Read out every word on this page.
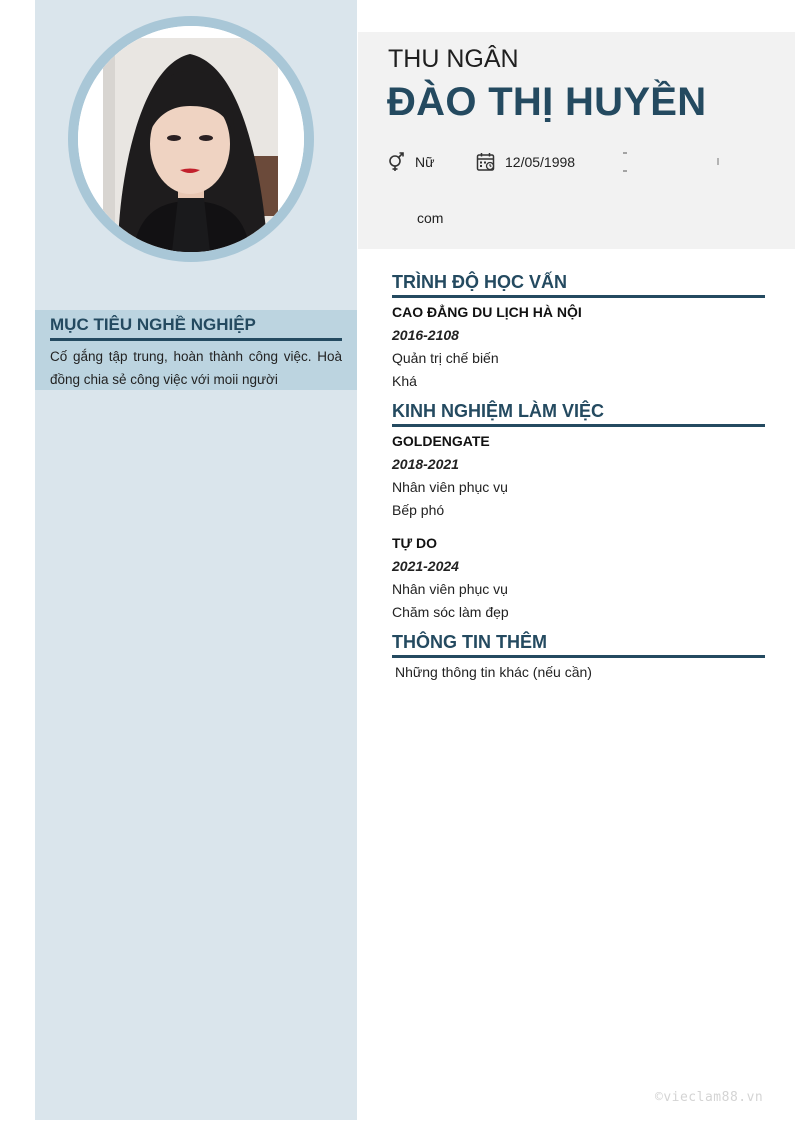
MỤC TIÊU NGHỀ NGHIỆP
Cố gắng tập trung, hoàn thành công việc. Hoà đồng chia sẻ công việc với moii người
THU NGÂN
ĐÀO THỊ HUYỀN
Nữ	12/05/1998
com
TRÌNH ĐỘ HỌC VẤN
CAO ĐẲNG DU LỊCH HÀ NỘI
2016-2108
Quản trị chế biến
Khá
KINH NGHIỆM LÀM VIỆC
GOLDENGATE
2018-2021
Nhân viên phục vụ
Bếp phó
TỰ DO
2021-2024
Nhân viên phục vụ
Chăm sóc làm đẹp
THÔNG TIN THÊM
Những thông tin khác (nếu cần)
©vieclam88.vn
